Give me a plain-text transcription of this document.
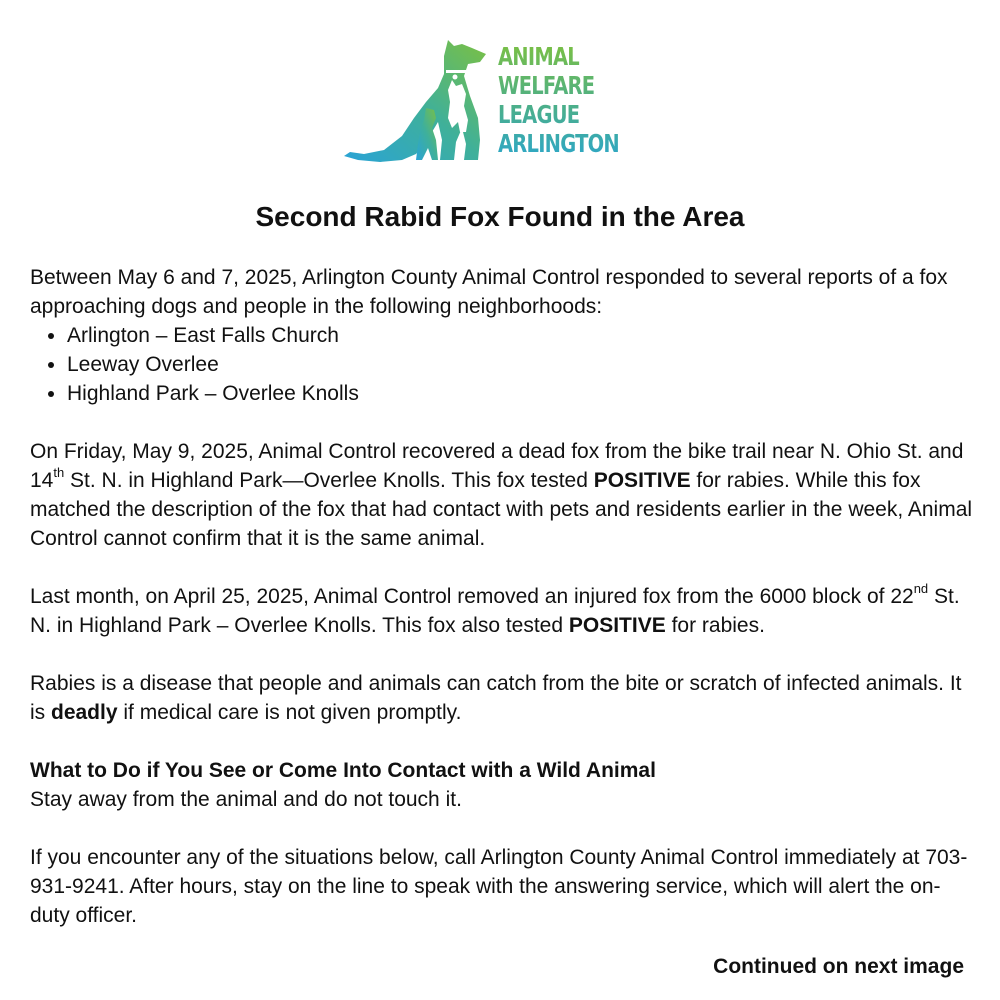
ANIMAL
WELFARE
$LEAGUE^{OF}$
ARLINGTON
Second Rabid Fox Found in the Area

Between May 6 and 7, 2025, Arlington County Animal Control responded to several reports of a fox approaching dogs and people in the following neighborhoods:

• Arlington – East Falls Church
• Leeway Overlee
• Highland Park – Overlee Knolls

On Friday, May 9, 2025, Animal Control recovered a dead fox from the bike trail near N. Ohio St. and 14th St. N. in Highland Park—Overlee Knolls. This fox tested POSITIVE for rabies. While this fox matched the description of the fox that had contact with pets and residents earlier in the week, Animal Control cannot confirm that it is the same animal.

Last month, on April 25, 2025, Animal Control removed an injured fox from the 6000 block of 22nd St. N. in Highland Park – Overlee Knolls. This fox also tested POSITIVE for rabies.

Rabies is a disease that people and animals can catch from the bite or scratch of infected animals. It is deadly if medical care is not given promptly.

What to Do if You See or Come Into Contact with a Wild Animal

Stay away from the animal and do not touch it.

If you encounter any of the situations below, call Arlington County Animal Control immediately at 703-931-9241. After hours, stay on the line to speak with the answering service, which will alert the on-duty officer.

Continued on next image
